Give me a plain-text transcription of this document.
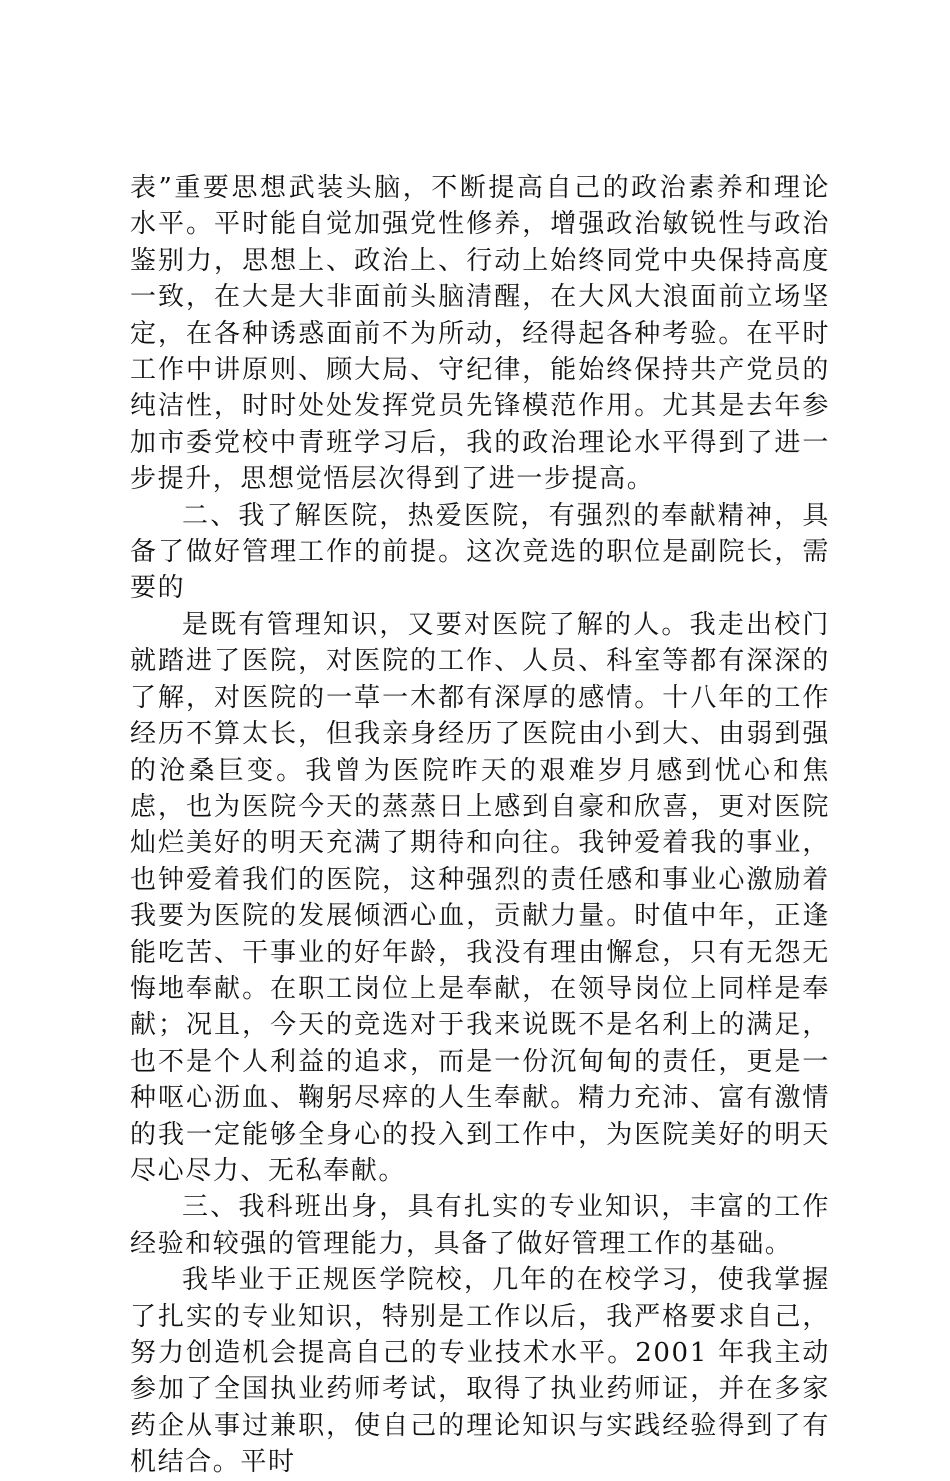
表”重要思想武装头脑，不断提高自己的政治素养和理论水平。平时能自觉加强党性修养，增强政治敏锐性与政治鉴别力，思想上、政治上、行动上始终同党中央保持高度一致，在大是大非面前头脑清醒，在大风大浪面前立场坚定，在各种诱惑面前不为所动，经得起各种考验。在平时工作中讲原则、顾大局、守纪律，能始终保持共产党员的纯洁性，时时处处发挥党员先锋模范作用。尤其是去年参加市委党校中青班学习后，我的政治理论水平得到了进一步提升，思想觉悟层次得到了进一步提高。

二、我了解医院，热爱医院，有强烈的奉献精神，具备了做好管理工作的前提。这次竞选的职位是副院长，需要的

是既有管理知识，又要对医院了解的人。我走出校门就踏进了医院，对医院的工作、人员、科室等都有深深的了解，对医院的一草一木都有深厚的感情。十八年的工作经历不算太长，但我亲身经历了医院由小到大、由弱到强的沧桑巨变。我曾为医院昨天的艰难岁月感到忧心和焦虑，也为医院今天的蒸蒸日上感到自豪和欣喜，更对医院灿烂美好的明天充满了期待和向往。我钟爱着我的事业，也钟爱着我们的医院，这种强烈的责任感和事业心激励着我要为医院的发展倾洒心血，贡献力量。时值中年，正逢能吃苦、干事业的好年龄，我没有理由懈怠，只有无怨无悔地奉献。在职工岗位上是奉献，在领导岗位上同样是奉献；况且，今天的竞选对于我来说既不是名利上的满足，也不是个人利益的追求，而是一份沉甸甸的责任，更是一种呕心沥血、鞠躬尽瘁的人生奉献。精力充沛、富有激情的我一定能够全身心的投入到工作中，为医院美好的明天尽心尽力、无私奉献。

三、我科班出身，具有扎实的专业知识，丰富的工作经验和较强的管理能力，具备了做好管理工作的基础。

我毕业于正规医学院校，几年的在校学习，使我掌握了扎实的专业知识，特别是工作以后，我严格要求自己，努力创造机会提高自己的专业技术水平。2001 年我主动参加了全国执业药师考试，取得了执业药师证，并在多家药企从事过兼职，使自己的理论知识与实践经验得到了有机结合。平时
